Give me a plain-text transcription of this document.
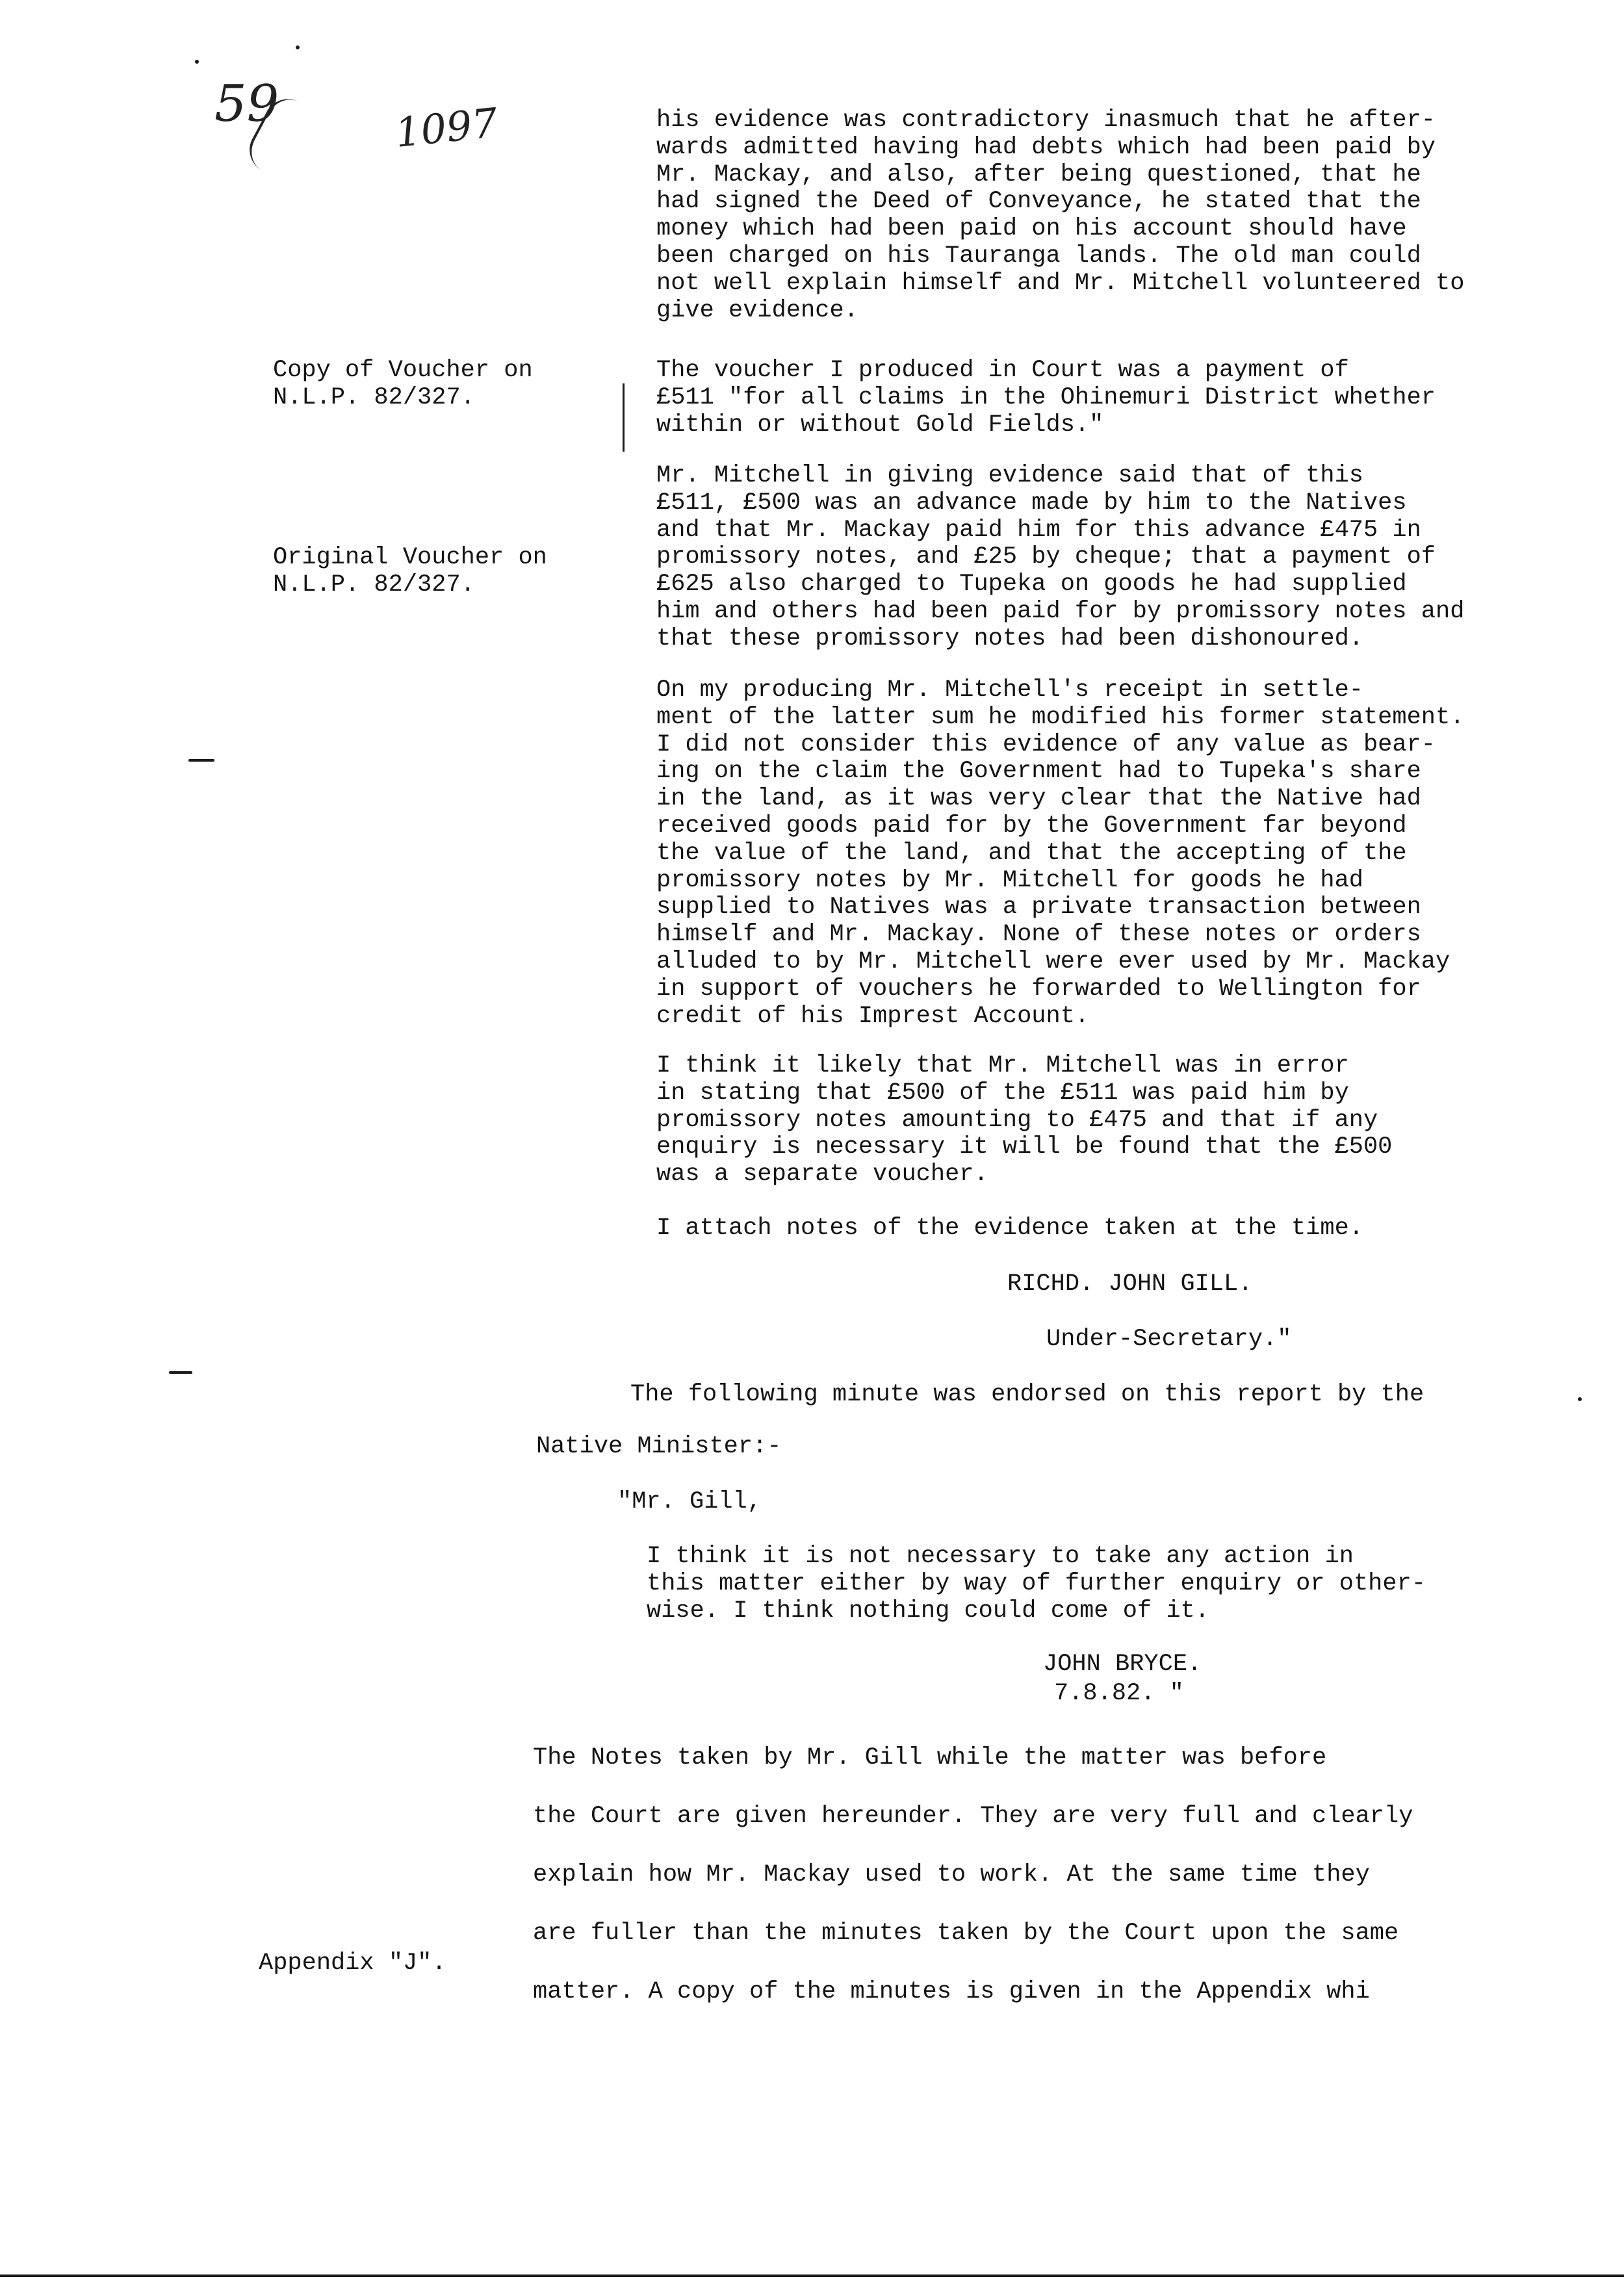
59	1097	his evidence was contradictory inasmuch that he after-
wards admitted having had debts which had been paid by
Mr. Mackay, and also, after being questioned, that he
had signed the Deed of Conveyance, he stated that the
money which had been paid on his account should have
been charged on his Tauranga lands. The old man could
not well explain himself and Mr. Mitchell volunteered to
give evidence.
The voucher I produced in Court was a payment of
£511 "for all claims in the Ohinemuri District whether
within or without Gold Fields."
Mr. Mitchell in giving evidence said that of this
£511, £500 was an advance made by him to the Natives
and that Mr. Mackay paid him for this advance £475 in
promissory notes, and £25 by cheque; that a payment of
£625 also charged to Tupeka on goods he had supplied
him and others had been paid for by promissory notes and
that these promissory notes had been dishonoured.
On my producing Mr. Mitchell's receipt in settle-
ment of the latter sum he modified his former statement.
I did not consider this evidence of any value as bear-
ing on the claim the Government had to Tupeka's share
in the land, as it was very clear that the Native had
received goods paid for by the Government far beyond
the value of the land, and that the accepting of the
promissory notes by Mr. Mitchell for goods he had
supplied to Natives was a private transaction between
himself and Mr. Mackay. None of these notes or orders
alluded to by Mr. Mitchell were ever used by Mr. Mackay
in support of vouchers he forwarded to Wellington for
credit of his Imprest Account.
I think it likely that Mr. Mitchell was in error
in stating that £500 of the £511 was paid him by
promissory notes amounting to £475 and that if any
enquiry is necessary it will be found that the £500
was a separate voucher.
I attach notes of the evidence taken at the time.
RICHD. JOHN GILL.
Under-Secretary."
The following minute was endorsed on this report by the
Native Minister:-
"Mr. Gill,
I think it is not necessary to take any action in
this matter either by way of further enquiry or other-
wise. I think nothing could come of it.
JOHN BRYCE.
7.8.82. "
The Notes taken by Mr. Gill while the matter was before
the Court are given hereunder. They are very full and clearly
explain how Mr. Mackay used to work. At the same time they
are fuller than the minutes taken by the Court upon the same
matter. A copy of the minutes is given in the Appendix whi
Copy of Voucher on
N.L.P. 82/327.
Original Voucher on
N.L.P. 82/327.
Appendix "J".
